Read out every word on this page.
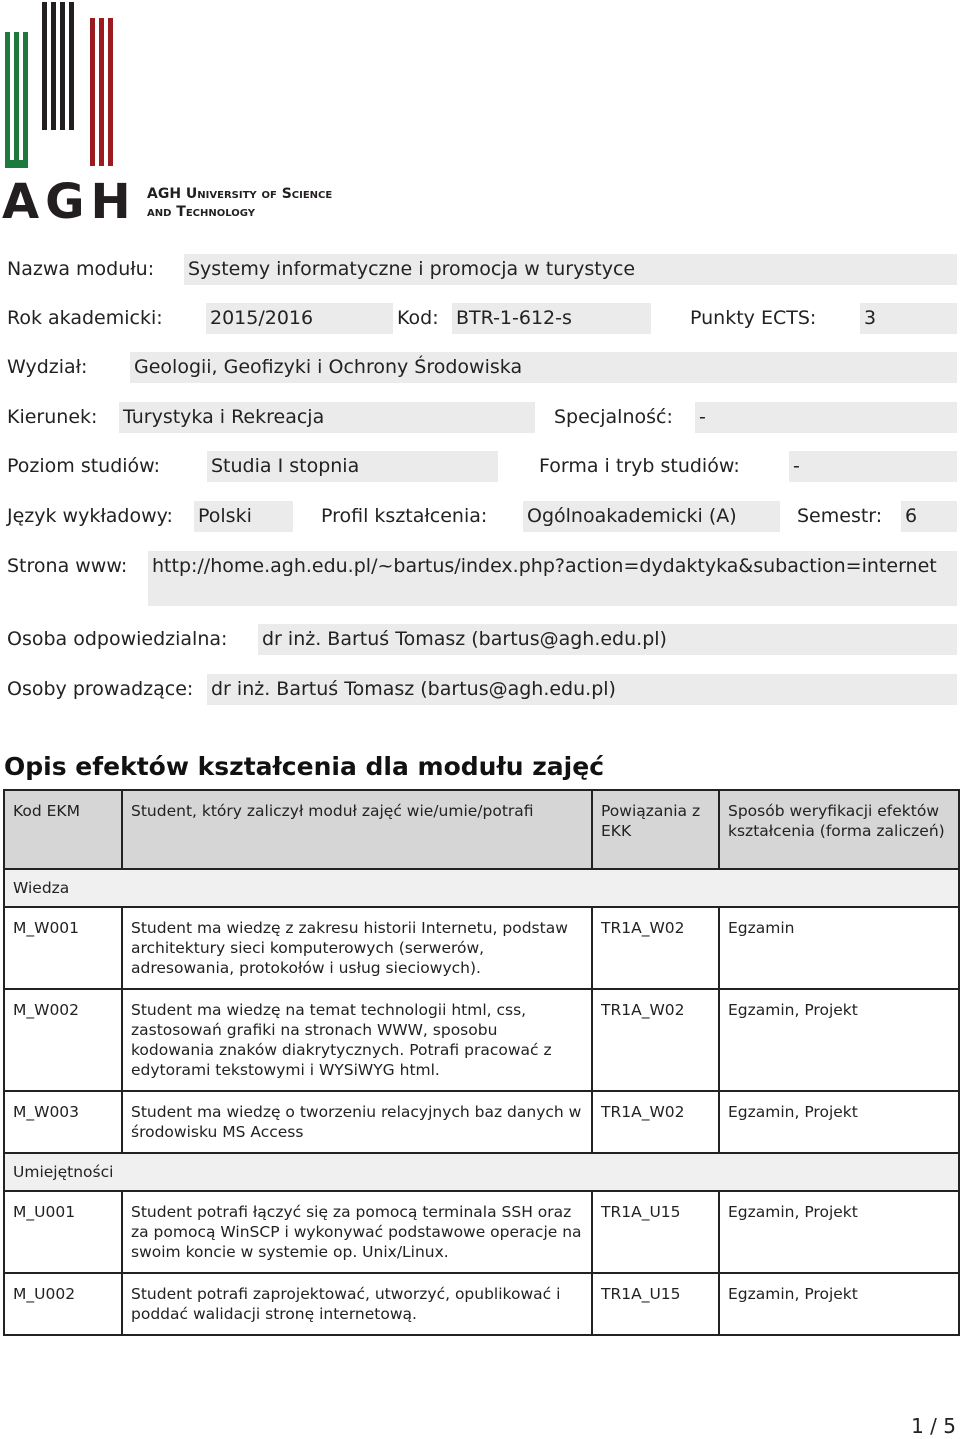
AGH AGH University of Science
and Technology
Nazwa modułu: Systemy informatyczne i promocja w turystyce
Rok akademicki: 2015/2016	Kod: BTR-1-612-s	Punkty ECTS:	3
Wydział: Geologii, Geofizyki i Ochrony Środowiska
Kierunek: Turystyka i Rekreacja	Specjalność: -
Poziom studiów:	Studia I stopnia	Forma i tryb studiów:	-
Język wykładowy: Polski	Profil kształcenia: Ogólnoakademicki (A)	Semestr: 6
Strona www: http://home.agh.edu.pl/~bartus/index.php?action=dydaktyka&subaction=internet
Osoba odpowiedzialna: dr inż. Bartuś Tomasz (bartus@agh.edu.pl)
Osoby prowadzące: dr inż. Bartuś Tomasz (bartus@agh.edu.pl)
Opis efektów kształcenia dla modułu zajęć
Kod EKM	Student, który zaliczył moduł zajęć wie/umie/potrafi	Powiązania z EKK	Sposób weryfikacji efektów kształcenia (forma zaliczeń)
Wiedza			
M_W001	Student ma wiedzę z zakresu historii Internetu, podstaw architektury sieci komputerowych (serwerów, adresowania, protokołów i usług sieciowych).	TR1A_W02	Egzamin
M_W002	Student ma wiedzę na temat technologii html, css, zastosowań grafiki na stronach WWW, sposobu kodowania znaków diakrytycznych. Potrafi pracować z edytorami tekstowymi i WYSiWYG html.	TR1A_W02	Egzamin, Projekt
M_W003	Student ma wiedzę o tworzeniu relacyjnych baz danych w środowisku MS Access	TR1A_W02	Egzamin, Projekt
Umiejętności			
M_U001	Student potrafi łączyć się za pomocą terminala SSH oraz za pomocą WinSCP i wykonywać podstawowe operacje na swoim koncie w systemie op. Unix/Linux.	TR1A_U15	Egzamin, Projekt
M_U002	Student potrafi zaprojektować, utworzyć, opublikować i poddać walidacji stronę internetową.	TR1A_U15	Egzamin, Projekt
1 / 5
